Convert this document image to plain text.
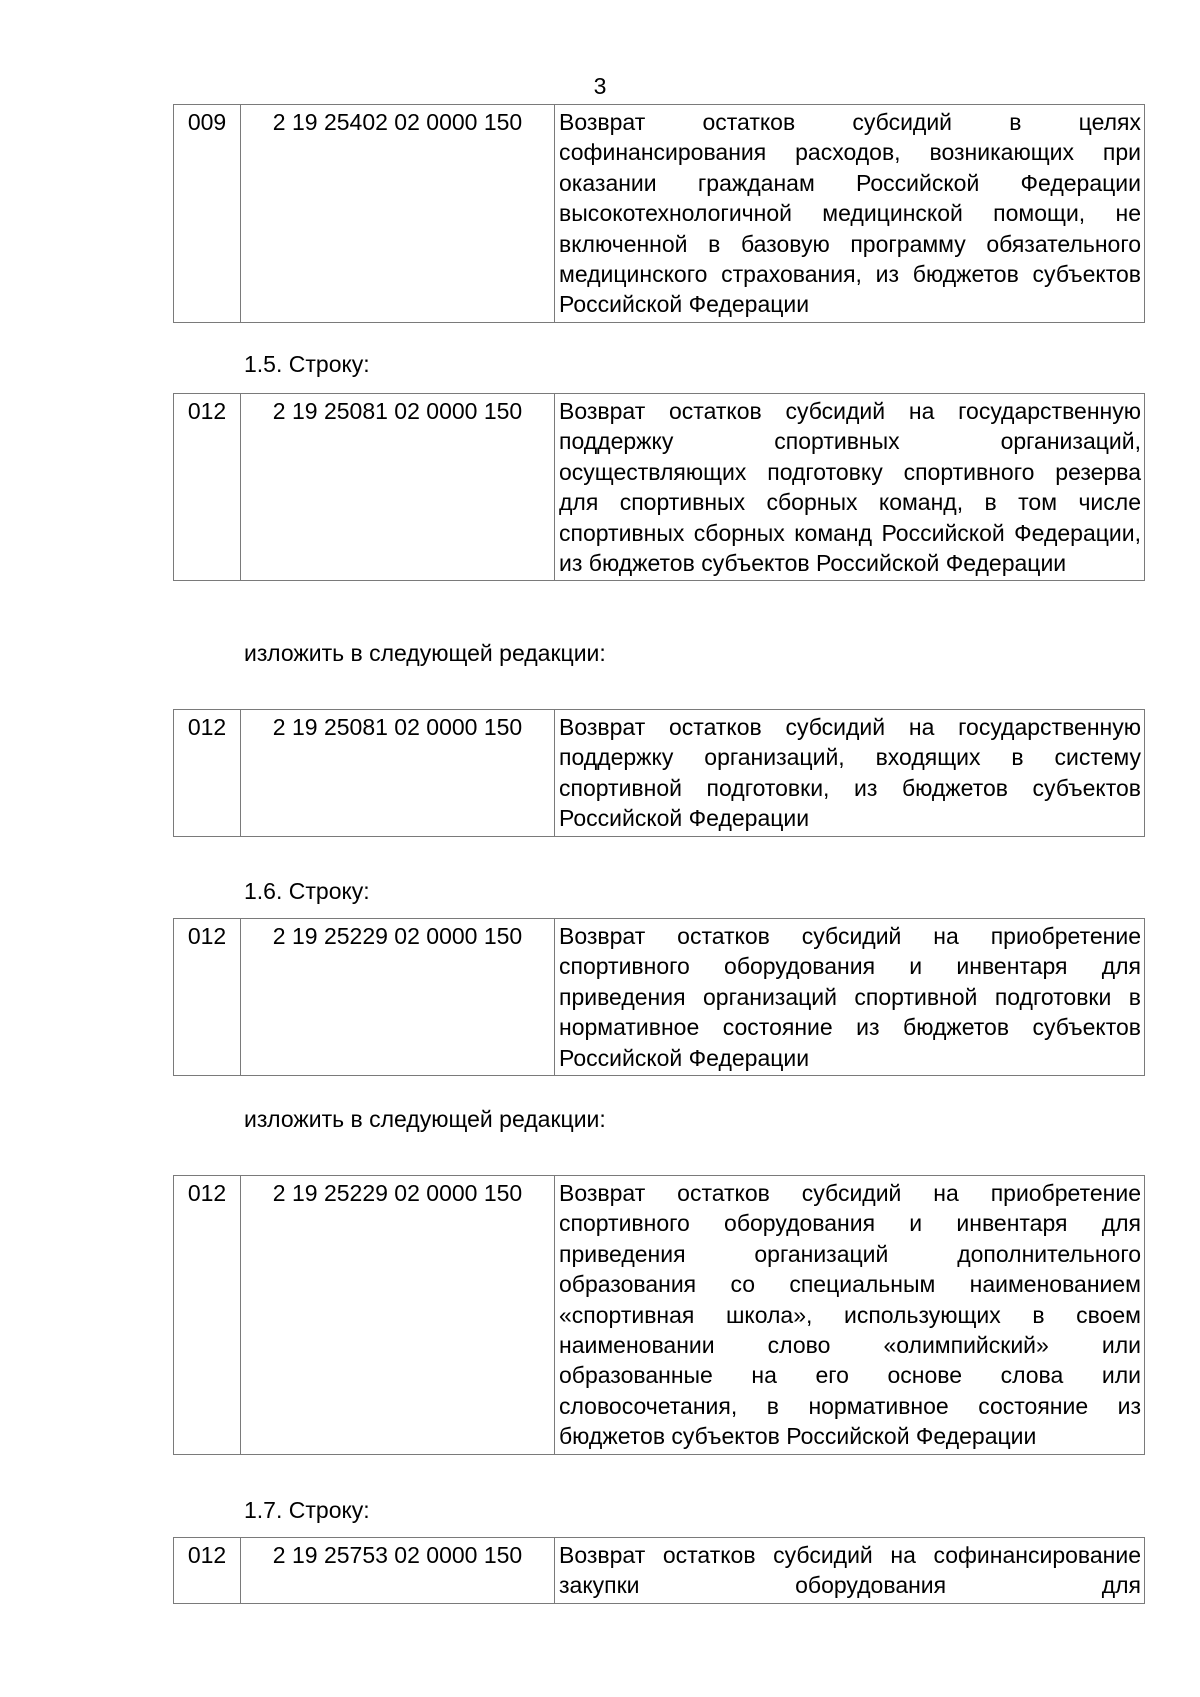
3
009	2 19 25402 02 0000 150	Возврат остатков субсидий в целях софинансирования расходов, возникающих при оказании гражданам Российской Федерации высокотехнологичной медицинской помощи, не включенной в базовую программу обязательного медицинского страхования, из бюджетов субъектов Российской Федерации
1.5. Строку:
012	2 19 25081 02 0000 150	Возврат остатков субсидий на государственную поддержку спортивных организаций, осуществляющих подготовку спортивного резерва для спортивных сборных команд, в том числе спортивных сборных команд Российской Федерации, из бюджетов субъектов Российской Федерации
изложить в следующей редакции:
012	2 19 25081 02 0000 150	Возврат остатков субсидий на государственную поддержку организаций, входящих в систему спортивной подготовки, из бюджетов субъектов Российской Федерации
1.6. Строку:
012	2 19 25229 02 0000 150	Возврат остатков субсидий на приобретение спортивного оборудования и инвентаря для приведения организаций спортивной подготовки в нормативное состояние из бюджетов субъектов Российской Федерации
изложить в следующей редакции:
012	2 19 25229 02 0000 150	Возврат остатков субсидий на приобретение спортивного оборудования и инвентаря для приведения организаций дополнительного образования со специальным наименованием «спортивная школа», использующих в своем наименовании слово «олимпийский» или образованные на его основе слова или словосочетания, в нормативное состояние из бюджетов субъектов Российской Федерации
1.7. Строку:
012	2 19 25753 02 0000 150	Возврат остатков субсидий на софинансирование закупки оборудования для
